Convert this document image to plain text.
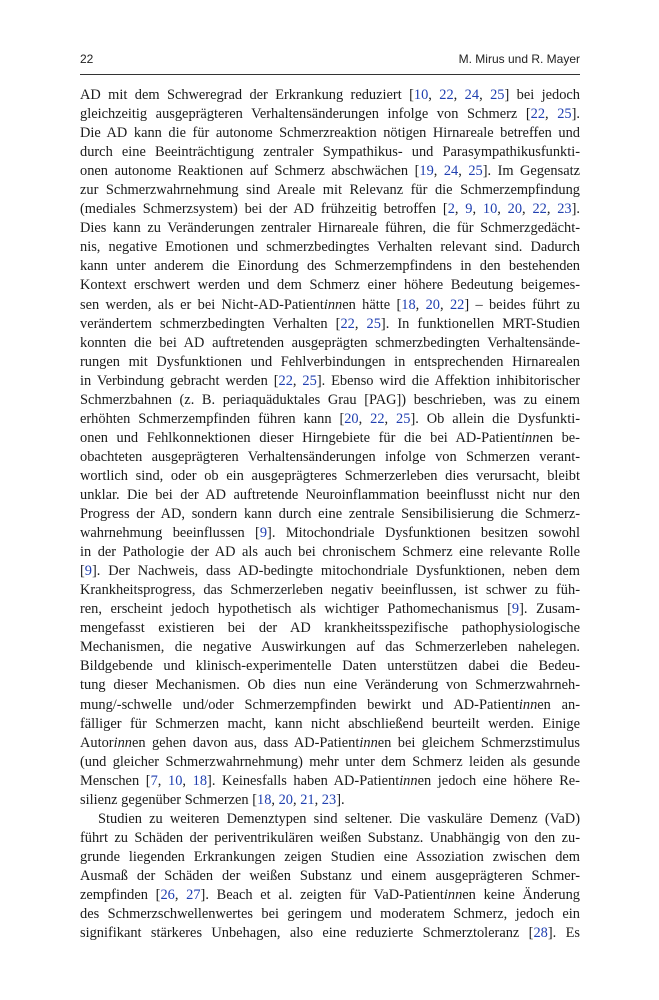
22	M. Mirus und R. Mayer
AD mit dem Schweregrad der Erkrankung reduziert [10, 22, 24, 25] bei jedoch
gleichzeitig ausgeprägteren Verhaltensänderungen infolge von Schmerz [22, 25].
Die AD kann die für autonome Schmerzreaktion nötigen Hirnareale betreffen und
durch eine Beeinträchtigung zentraler Sympathikus- und Parasympathikusfunkti-
onen autonome Reaktionen auf Schmerz abschwächen [19, 24, 25]. Im Gegensatz
zur Schmerzwahrnehmung sind Areale mit Relevanz für die Schmerzempfindung
(mediales Schmerzsystem) bei der AD frühzeitig betroffen [2, 9, 10, 20, 22, 23].
Dies kann zu Veränderungen zentraler Hirnareale führen, die für Schmerzgedächt-
nis, negative Emotionen und schmerzbedingtes Verhalten relevant sind. Dadurch
kann unter anderem die Einordung des Schmerzempfindens in den bestehenden
Kontext erschwert werden und dem Schmerz einer höhere Bedeutung beigemes-
sen werden, als er bei Nicht-AD-Patientinnen hätte [18, 20, 22] – beides führt zu
verändertem schmerzbedingten Verhalten [22, 25]. In funktionellen MRT-Studien
konnten die bei AD auftretenden ausgeprägten schmerzbedingten Verhaltensände-
rungen mit Dysfunktionen und Fehlverbindungen in entsprechenden Hirnarealen
in Verbindung gebracht werden [22, 25]. Ebenso wird die Affektion inhibitorischer
Schmerzbahnen (z. B. periaquäduktales Grau [PAG]) beschrieben, was zu einem
erhöhten Schmerzempfinden führen kann [20, 22, 25]. Ob allein die Dysfunkti-
onen und Fehlkonnektionen dieser Hirngebiete für die bei AD-Patientinnen be-
obachteten ausgeprägteren Verhaltensänderungen infolge von Schmerzen verant-
wortlich sind, oder ob ein ausgeprägteres Schmerzerleben dies verursacht, bleibt
unklar. Die bei der AD auftretende Neuroinflammation beeinflusst nicht nur den
Progress der AD, sondern kann durch eine zentrale Sensibilisierung die Schmerz-
wahrnehmung beeinflussen [9]. Mitochondriale Dysfunktionen besitzen sowohl
in der Pathologie der AD als auch bei chronischem Schmerz eine relevante Rolle
[9]. Der Nachweis, dass AD-bedingte mitochondriale Dysfunktionen, neben dem
Krankheitsprogress, das Schmerzerleben negativ beeinflussen, ist schwer zu füh-
ren, erscheint jedoch hypothetisch als wichtiger Pathomechanismus [9]. Zusam-
mengefasst existieren bei der AD krankheitsspezifische pathophysiologische
Mechanismen, die negative Auswirkungen auf das Schmerzerleben nahelegen.
Bildgebende und klinisch-experimentelle Daten unterstützen dabei die Bedeu-
tung dieser Mechanismen. Ob dies nun eine Veränderung von Schmerzwahrneh-
mung/-schwelle und/oder Schmerzempfinden bewirkt und AD-Patientinnen an-
fälliger für Schmerzen macht, kann nicht abschließend beurteilt werden. Einige
Autorinnen gehen davon aus, dass AD-Patientinnen bei gleichem Schmerzstimulus
(und gleicher Schmerzwahrnehmung) mehr unter dem Schmerz leiden als gesunde
Menschen [7, 10, 18]. Keinesfalls haben AD-Patientinnen jedoch eine höhere Re-
silienz gegenüber Schmerzen [18, 20, 21, 23].
Studien zu weiteren Demenztypen sind seltener. Die vaskuläre Demenz (VaD)
führt zu Schäden der periventrikulären weißen Substanz. Unabhängig von den zu-
grunde liegenden Erkrankungen zeigen Studien eine Assoziation zwischen dem
Ausmaß der Schäden der weißen Substanz und einem ausgeprägteren Schmer-
zempfinden [26, 27]. Beach et al. zeigten für VaD-Patientinnen keine Änderung
des Schmerzschwellenwertes bei geringem und moderatem Schmerz, jedoch ein
signifikant stärkeres Unbehagen, also eine reduzierte Schmerztoleranz [28]. Es
